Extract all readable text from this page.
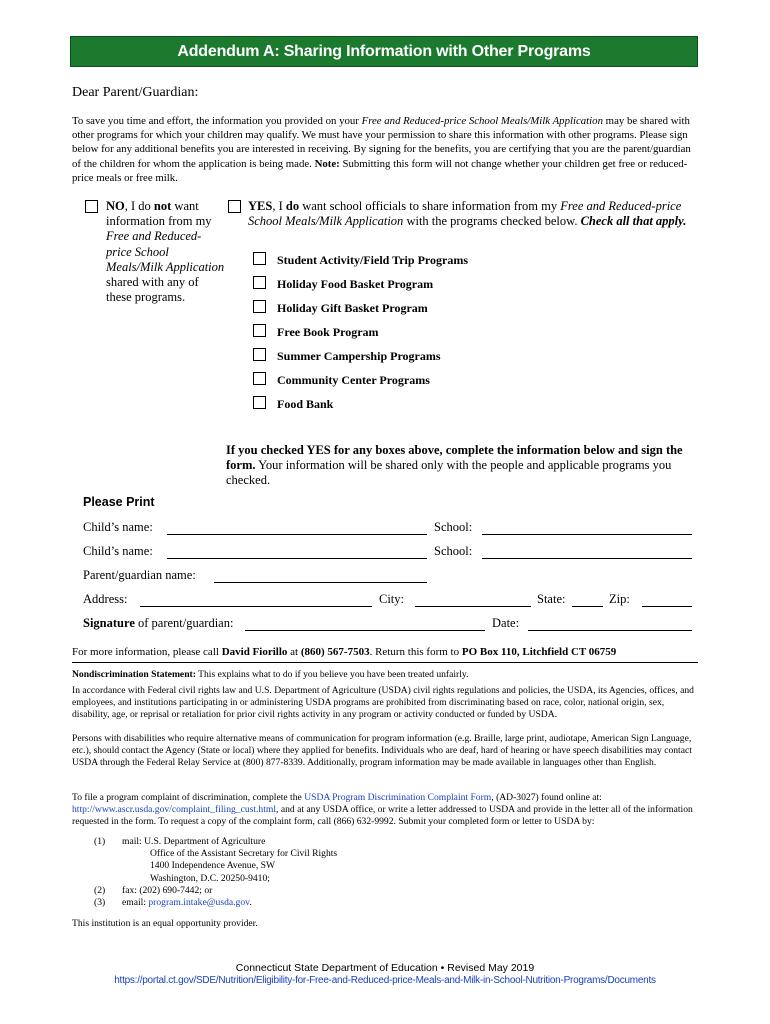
Addendum A: Sharing Information with Other Programs
Dear Parent/Guardian:
To save you time and effort, the information you provided on your Free and Reduced-price School Meals/Milk Application may be shared with other programs for which your children may qualify. We must have your permission to share this information with other programs. Please sign below for any additional benefits you are interested in receiving. By signing for the benefits, you are certifying that you are the parent/guardian of the children for whom the application is being made. Note: Submitting this form will not change whether your children get free or reduced-price meals or free milk.
NO, I do not want information from my Free and Reduced-price School Meals/Milk Application shared with any of these programs.
YES, I do want school officials to share information from my Free and Reduced-price School Meals/Milk Application with the programs checked below. Check all that apply.
Student Activity/Field Trip Programs
Holiday Food Basket Program
Holiday Gift Basket Program
Free Book Program
Summer Campership Programs
Community Center Programs
Food Bank
If you checked YES for any boxes above, complete the information below and sign the form. Your information will be shared only with the people and applicable programs you checked.
Please Print
Child’s name:	School:
Child’s name:	School:
Parent/guardian name:
Address:	City:	State:	Zip:
Signature of parent/guardian:	Date:
For more information, please call David Fiorillo at (860) 567-7503. Return this form to PO Box 110, Litchfield CT 06759
Nondiscrimination Statement: This explains what to do if you believe you have been treated unfairly.
In accordance with Federal civil rights law and U.S. Department of Agriculture (USDA) civil rights regulations and policies, the USDA, its Agencies, offices, and employees, and institutions participating in or administering USDA programs are prohibited from discriminating based on race, color, national origin, sex, disability, age, or reprisal or retaliation for prior civil rights activity in any program or activity conducted or funded by USDA.
Persons with disabilities who require alternative means of communication for program information (e.g. Braille, large print, audiotape, American Sign Language, etc.), should contact the Agency (State or local) where they applied for benefits. Individuals who are deaf, hard of hearing or have speech disabilities may contact USDA through the Federal Relay Service at (800) 877-8339. Additionally, program information may be made available in languages other than English.
To file a program complaint of discrimination, complete the USDA Program Discrimination Complaint Form, (AD-3027) found online at: http://www.ascr.usda.gov/complaint_filing_cust.html, and at any USDA office, or write a letter addressed to USDA and provide in the letter all of the information requested in the form. To request a copy of the complaint form, call (866) 632-9992. Submit your completed form or letter to USDA by:
(1) mail: U.S. Department of Agriculture
Office of the Assistant Secretary for Civil Rights
1400 Independence Avenue, SW
Washington, D.C. 20250-9410;
(2) fax: (202) 690-7442; or
(3) email: program.intake@usda.gov.
This institution is an equal opportunity provider.
Connecticut State Department of Education • Revised May 2019
https://portal.ct.gov/SDE/Nutrition/Eligibility-for-Free-and-Reduced-price-Meals-and-Milk-in-School-Nutrition-Programs/Documents
